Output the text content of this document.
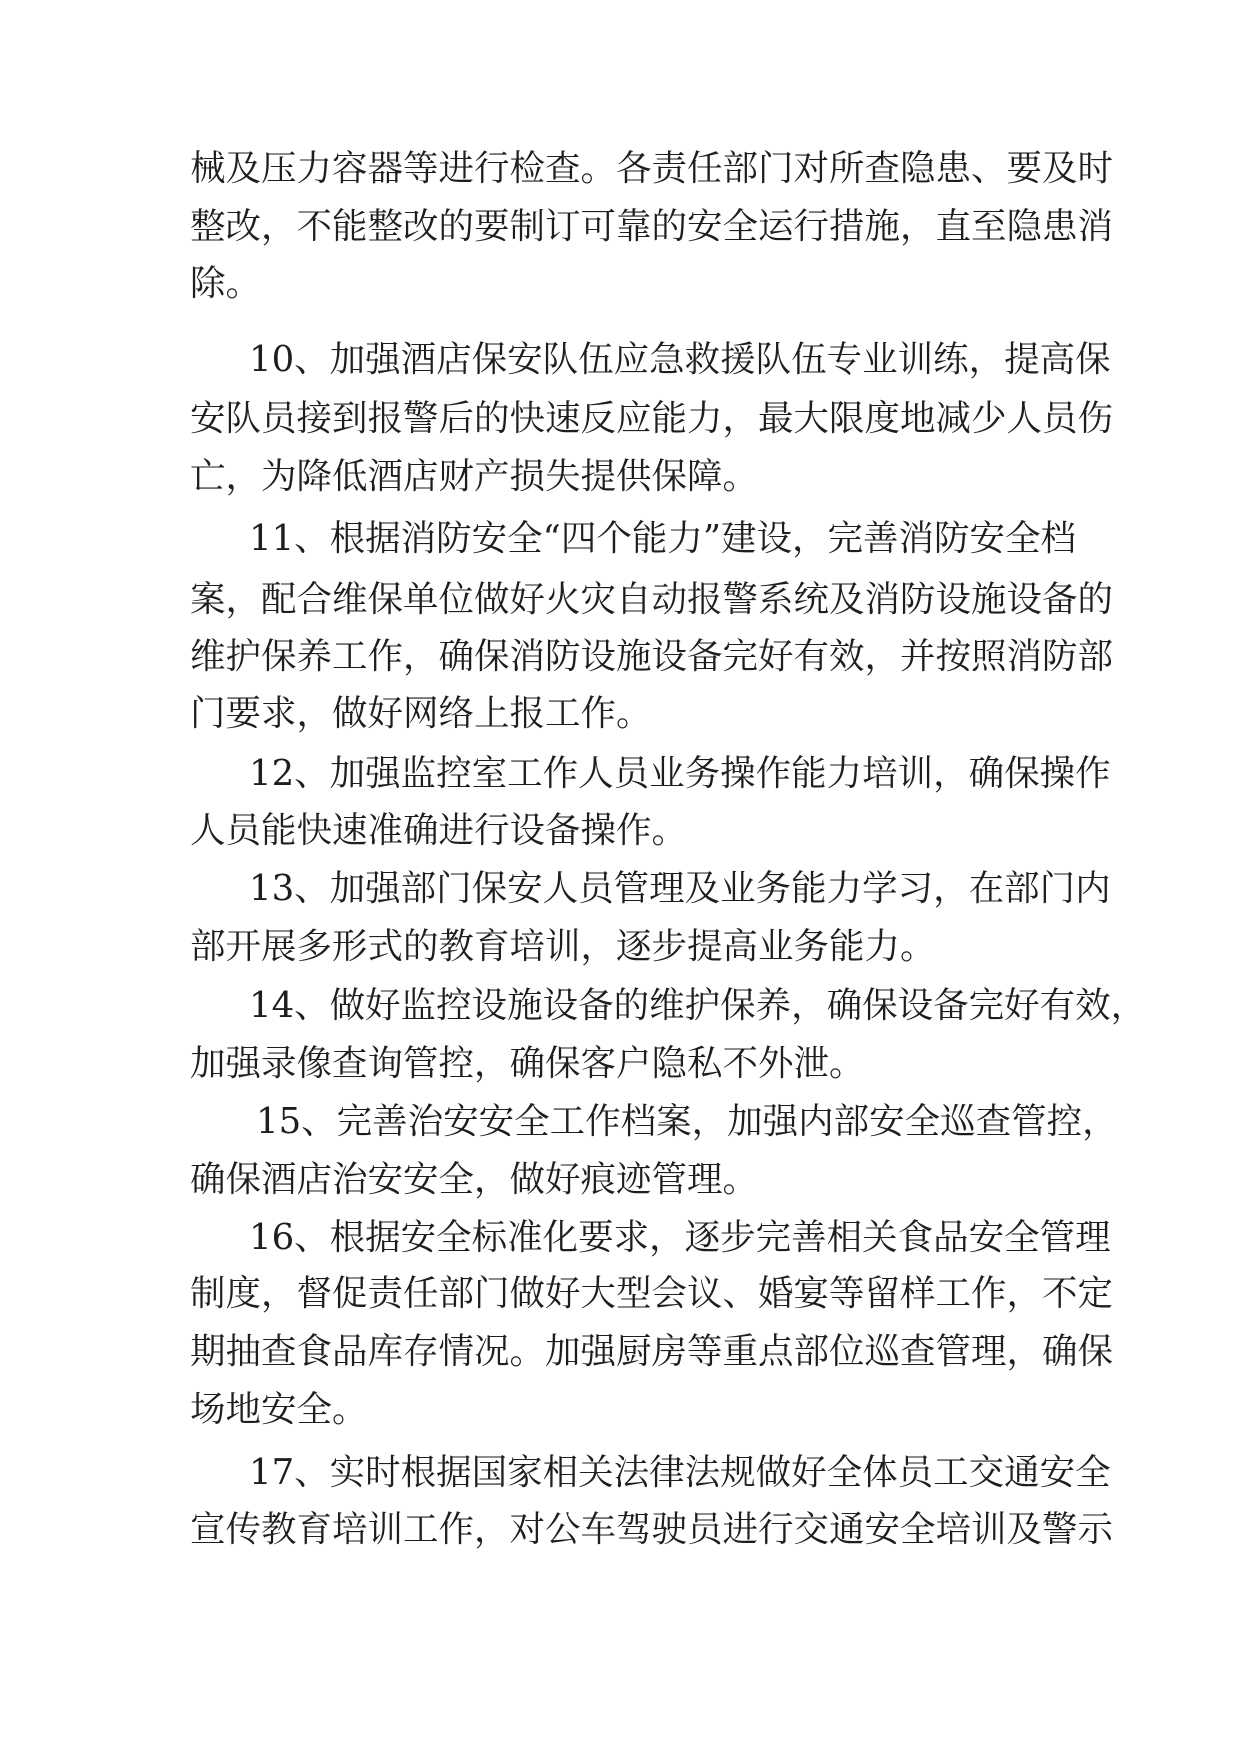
械及压力容器等进行检查。各责任部门对所查隐患、要及时
整改，不能整改的要制订可靠的安全运行措施，直至隐患消
除。
10、加强酒店保安队伍应急救援队伍专业训练，提高保
安队员接到报警后的快速反应能力，最大限度地减少人员伤
亡，为降低酒店财产损失提供保障。
11、根据消防安全“四个能力”建设，完善消防安全档
案，配合维保单位做好火灾自动报警系统及消防设施设备的
维护保养工作，确保消防设施设备完好有效，并按照消防部
门要求，做好网络上报工作。
12、加强监控室工作人员业务操作能力培训，确保操作
人员能快速准确进行设备操作。
13、加强部门保安人员管理及业务能力学习，在部门内
部开展多形式的教育培训，逐步提高业务能力。
14、做好监控设施设备的维护保养，确保设备完好有效，
加强录像查询管控，确保客户隐私不外泄。
15、完善治安安全工作档案，加强内部安全巡查管控，
确保酒店治安安全，做好痕迹管理。
16、根据安全标准化要求，逐步完善相关食品安全管理
制度，督促责任部门做好大型会议、婚宴等留样工作，不定
期抽查食品库存情况。加强厨房等重点部位巡查管理，确保
场地安全。
17、实时根据国家相关法律法规做好全体员工交通安全
宣传教育培训工作，对公车驾驶员进行交通安全培训及警示
